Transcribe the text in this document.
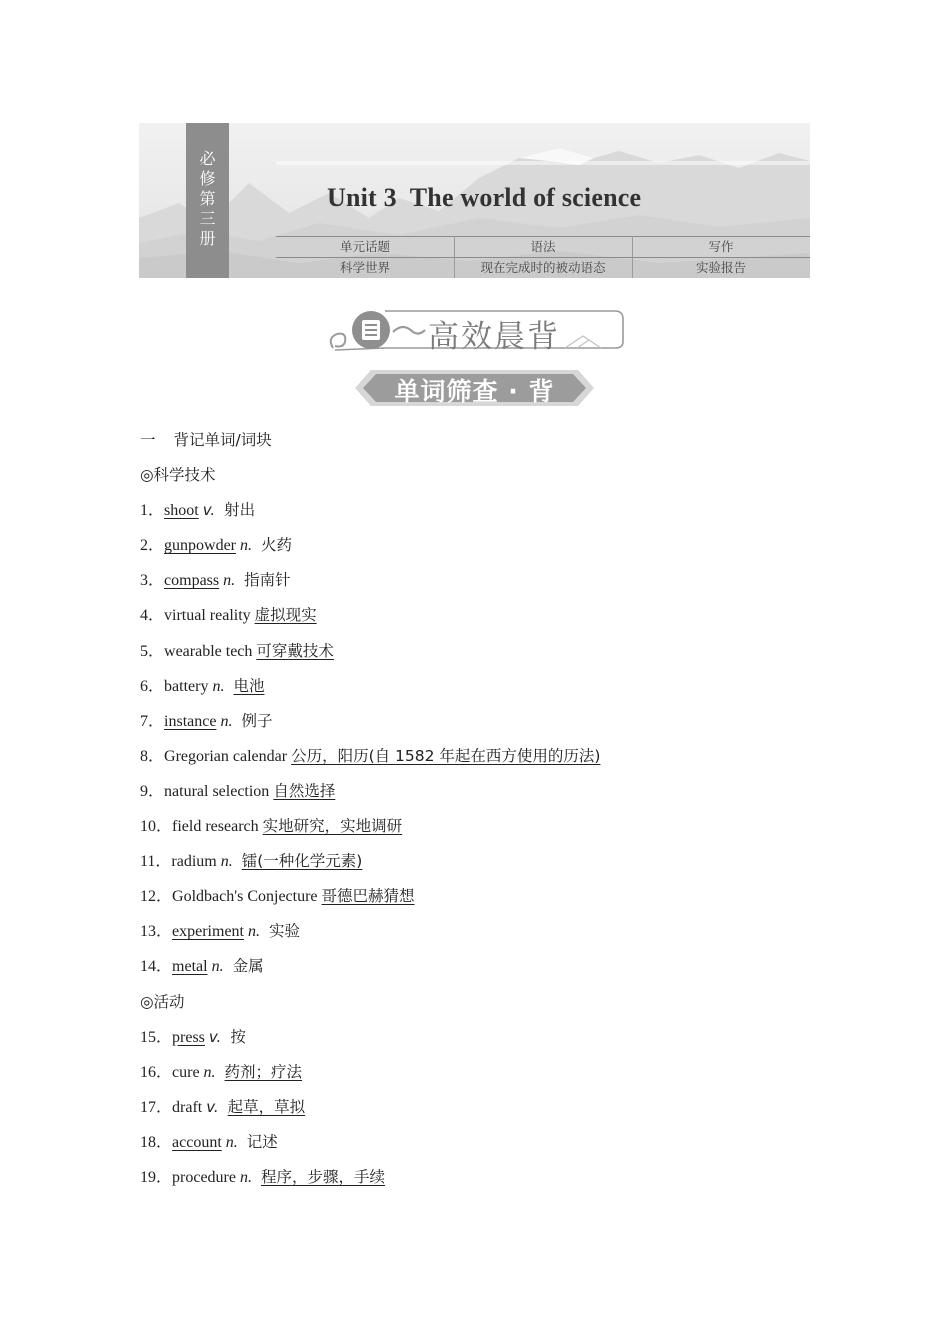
必
修
第
三
册
Unit 3  The world of science
单元话题	语法	写作
科学世界	现在完成时的被动语态	实验报告
高效晨背
单词筛查 · 背
一 背记单词/词块
◎科学技术
1．shoot v. 射出
2．gunpowder n. 火药
3．compass n. 指南针
4．virtual reality 虚拟现实
5．wearable tech 可穿戴技术
6．battery n. 电池
7．instance n. 例子
8．Gregorian calendar 公历，阳历(自 1582 年起在西方使用的历法)
9．natural selection 自然选择
10．field research 实地研究，实地调研
11．radium n. 镭(一种化学元素)
12．Goldbach's Conjecture 哥德巴赫猜想
13．experiment n. 实验
14．metal n. 金属
◎活动
15．press v. 按
16．cure n. 药剂；疗法
17．draft v. 起草，草拟
18．account n. 记述
19．procedure n. 程序，步骤，手续
